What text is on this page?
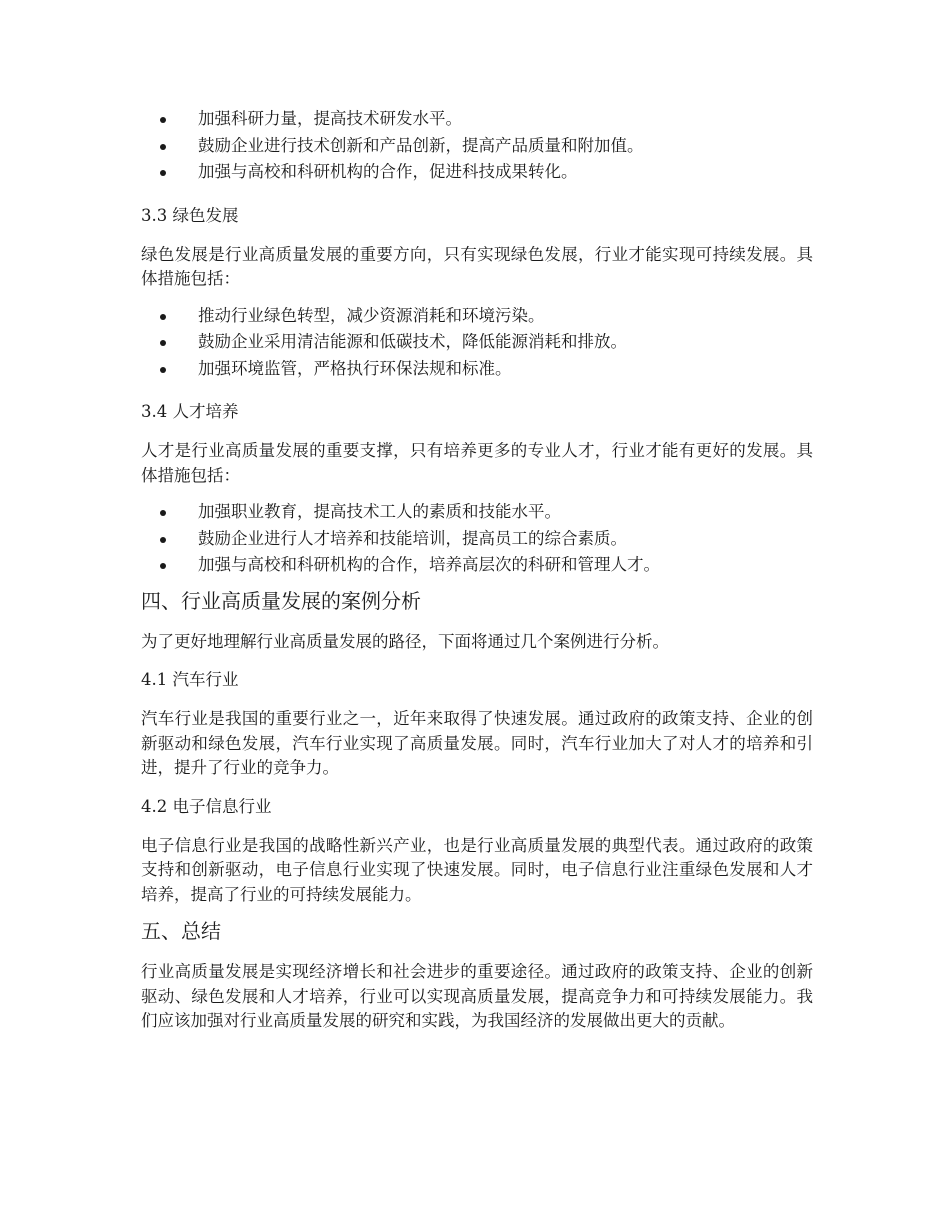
加强科研力量，提高技术研发水平。
鼓励企业进行技术创新和产品创新，提高产品质量和附加值。
加强与高校和科研机构的合作，促进科技成果转化。

3.3 绿色发展

绿色发展是行业高质量发展的重要方向，只有实现绿色发展，行业才能实现可持续发展。具体措施包括：

推动行业绿色转型，减少资源消耗和环境污染。
鼓励企业采用清洁能源和低碳技术，降低能源消耗和排放。
加强环境监管，严格执行环保法规和标准。

3.4 人才培养

人才是行业高质量发展的重要支撑，只有培养更多的专业人才，行业才能有更好的发展。具体措施包括：

加强职业教育，提高技术工人的素质和技能水平。
鼓励企业进行人才培养和技能培训，提高员工的综合素质。
加强与高校和科研机构的合作，培养高层次的科研和管理人才。

四、行业高质量发展的案例分析

为了更好地理解行业高质量发展的路径，下面将通过几个案例进行分析。

4.1 汽车行业

汽车行业是我国的重要行业之一，近年来取得了快速发展。通过政府的政策支持、企业的创新驱动和绿色发展，汽车行业实现了高质量发展。同时，汽车行业加大了对人才的培养和引进，提升了行业的竞争力。

4.2 电子信息行业

电子信息行业是我国的战略性新兴产业，也是行业高质量发展的典型代表。通过政府的政策支持和创新驱动，电子信息行业实现了快速发展。同时，电子信息行业注重绿色发展和人才培养，提高了行业的可持续发展能力。

五、总结

行业高质量发展是实现经济增长和社会进步的重要途径。通过政府的政策支持、企业的创新驱动、绿色发展和人才培养，行业可以实现高质量发展，提高竞争力和可持续发展能力。我们应该加强对行业高质量发展的研究和实践，为我国经济的发展做出更大的贡献。
